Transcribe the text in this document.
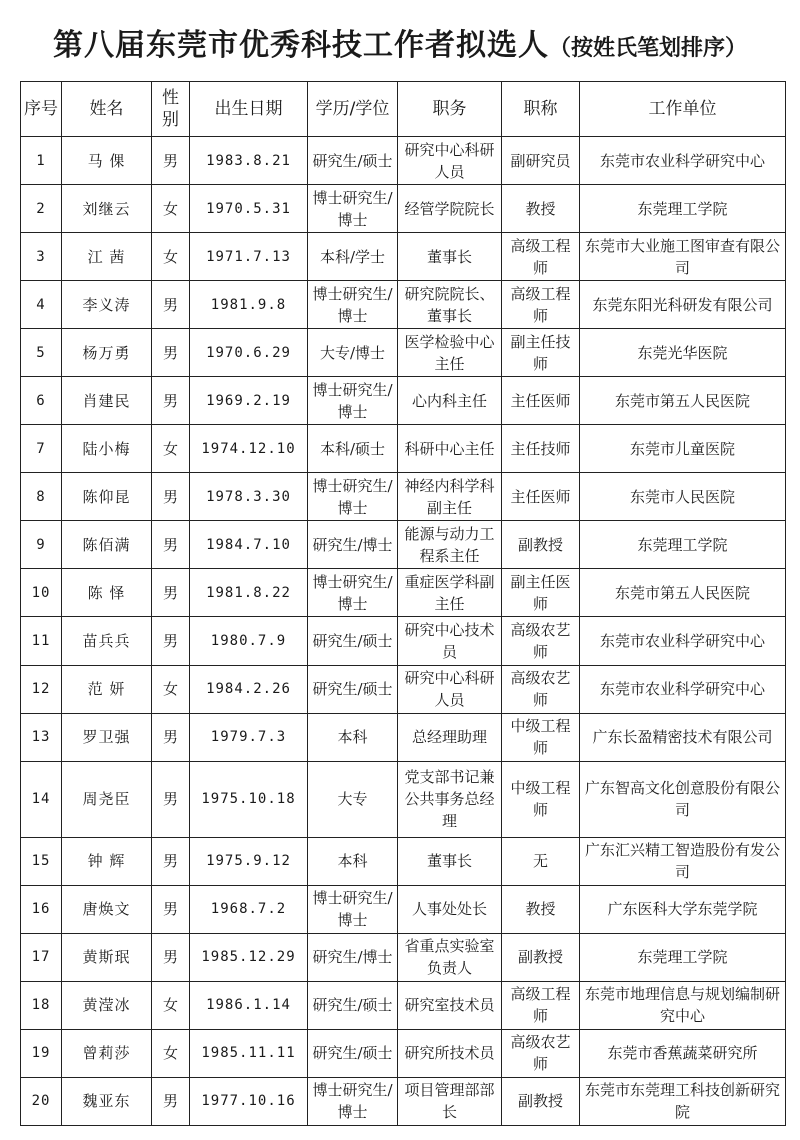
第八届东莞市优秀科技工作者拟选人（按姓氏笔划排序）
序号	姓名	性别	出生日期	学历/学位	职务	职称	工作单位
1	马 倮	男	1983.8.21	研究生/硕士	研究中心科研人员	副研究员	东莞市农业科学研究中心
2	刘继云	女	1970.5.31	博士研究生/博士	经管学院院长	教授	东莞理工学院
3	江 茜	女	1971.7.13	本科/学士	董事长	高级工程师	东莞市大业施工图审查有限公司
4	李义涛	男	1981.9.8	博士研究生/博士	研究院院长、董事长	高级工程师	东莞东阳光科研发有限公司
5	杨万勇	男	1970.6.29	大专/博士	医学检验中心主任	副主任技师	东莞光华医院
6	肖建民	男	1969.2.19	博士研究生/博士	心内科主任	主任医师	东莞市第五人民医院
7	陆小梅	女	1974.12.10	本科/硕士	科研中心主任	主任技师	东莞市儿童医院
8	陈仰昆	男	1978.3.30	博士研究生/博士	神经内科学科副主任	主任医师	东莞市人民医院
9	陈佰满	男	1984.7.10	研究生/博士	能源与动力工程系主任	副教授	东莞理工学院
10	陈 怿	男	1981.8.22	博士研究生/博士	重症医学科副主任	副主任医师	东莞市第五人民医院
11	苗兵兵	男	1980.7.9	研究生/硕士	研究中心技术员	高级农艺师	东莞市农业科学研究中心
12	范 妍	女	1984.2.26	研究生/硕士	研究中心科研人员	高级农艺师	东莞市农业科学研究中心
13	罗卫强	男	1979.7.3	本科	总经理助理	中级工程师	广东长盈精密技术有限公司
14	周尧臣	男	1975.10.18	大专	党支部书记兼公共事务总经理	中级工程师	广东智高文化创意股份有限公司
15	钟 辉	男	1975.9.12	本科	董事长	无	广东汇兴精工智造股份有发公司
16	唐焕文	男	1968.7.2	博士研究生/博士	人事处处长	教授	广东医科大学东莞学院
17	黄斯珉	男	1985.12.29	研究生/博士	省重点实验室负责人	副教授	东莞理工学院
18	黄滢冰	女	1986.1.14	研究生/硕士	研究室技术员	高级工程师	东莞市地理信息与规划编制研究中心
19	曾莉莎	女	1985.11.11	研究生/硕士	研究所技术员	高级农艺师	东莞市香蕉蔬菜研究所
20	魏亚东	男	1977.10.16	博士研究生/博士	项目管理部部长	副教授	东莞市东莞理工科技创新研究院
